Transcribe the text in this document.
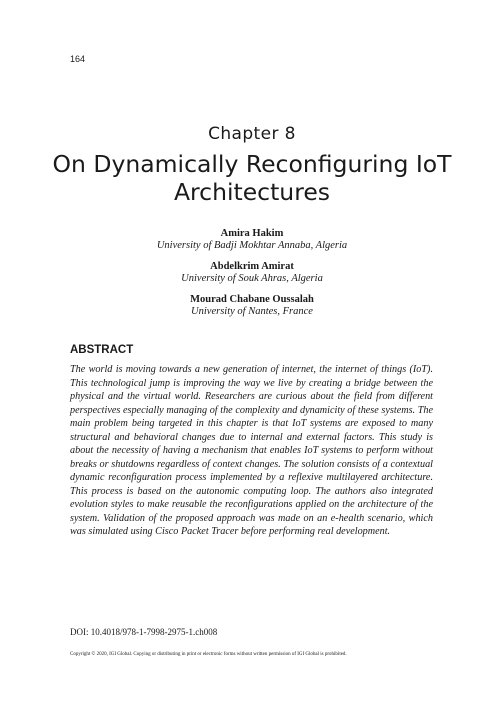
164
Chapter 8
On Dynamically Reconfiguring IoT Architectures
Amira Hakim
University of Badji Mokhtar Annaba, Algeria
Abdelkrim Amirat
University of Souk Ahras, Algeria
Mourad Chabane Oussalah
University of Nantes, France
ABSTRACT

The world is moving towards a new generation of internet, the internet of things (IoT). This technological jump is improving the way we live by creating a bridge between the physical and the virtual world. Researchers are curious about the field from different perspectives especially managing of the complexity and dynamicity of these systems. The main problem being targeted in this chapter is that IoT systems are exposed to many structural and behavioral changes due to internal and external factors. This study is about the necessity of having a mechanism that enables IoT systems to perform without breaks or shutdowns regardless of context changes. The solution consists of a contextual dynamic reconfiguration process implemented by a reflexive multilayered architecture. This process is based on the autonomic computing loop. The authors also integrated evolution styles to make reusable the reconfigurations applied on the architecture of the system. Validation of the proposed approach was made on an e-health scenario, which was simulated using Cisco Packet Tracer before performing real development.

DOI: 10.4018/978-1-7998-2975-1.ch008
Copyright © 2020, IGI Global. Copying or distributing in print or electronic forms without written permission of IGI Global is prohibited.
